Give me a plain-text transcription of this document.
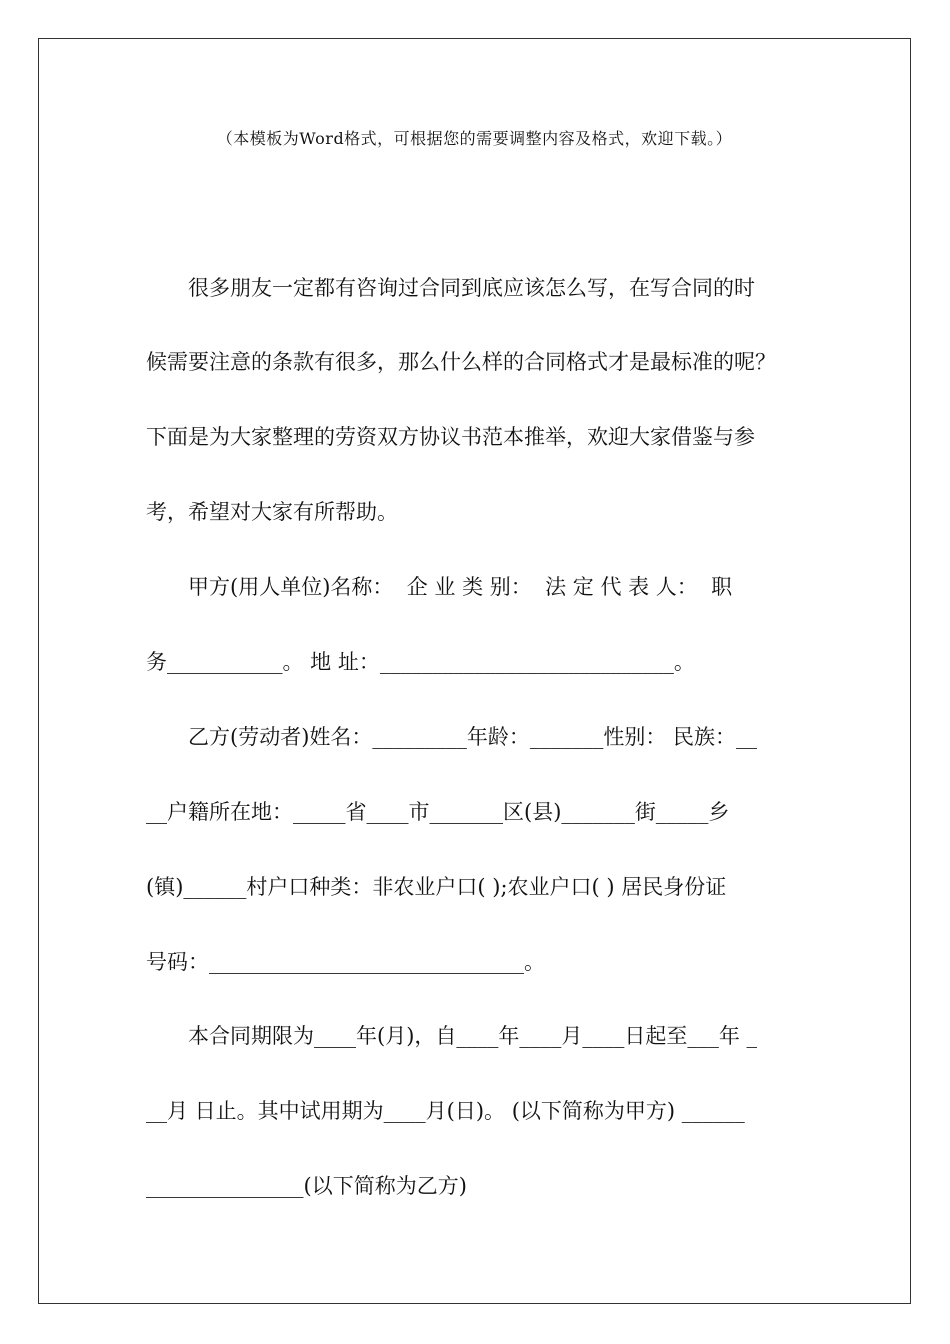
（本模板为Word格式，可根据您的需要调整内容及格式，欢迎下载。）
很多朋友一定都有咨询过合同到底应该怎么写，在写合同的时
候需要注意的条款有很多，那么什么样的合同格式才是最标准的呢？
下面是为大家整理的劳资双方协议书范本推举，欢迎大家借鉴与参
考，希望对大家有所帮助。
甲方(用人单位)名称：  企 业 类 别：  法 定 代 表 人：  职
务___________。 地 址：____________________________。
乙方(劳动者)姓名：_________年龄：_______性别： 民族：__
__户籍所在地：_____省____市_______区(县)_______街_____乡
(镇)______村户口种类：非农业户口( );农业户口( ) 居民身份证
号码：______________________________。
本合同期限为____年(月)，自____年____月____日起至___年 _
__月 日止。其中试用期为____月(日)。 (以下简称为甲方) ______
_______________(以下简称为乙方)
